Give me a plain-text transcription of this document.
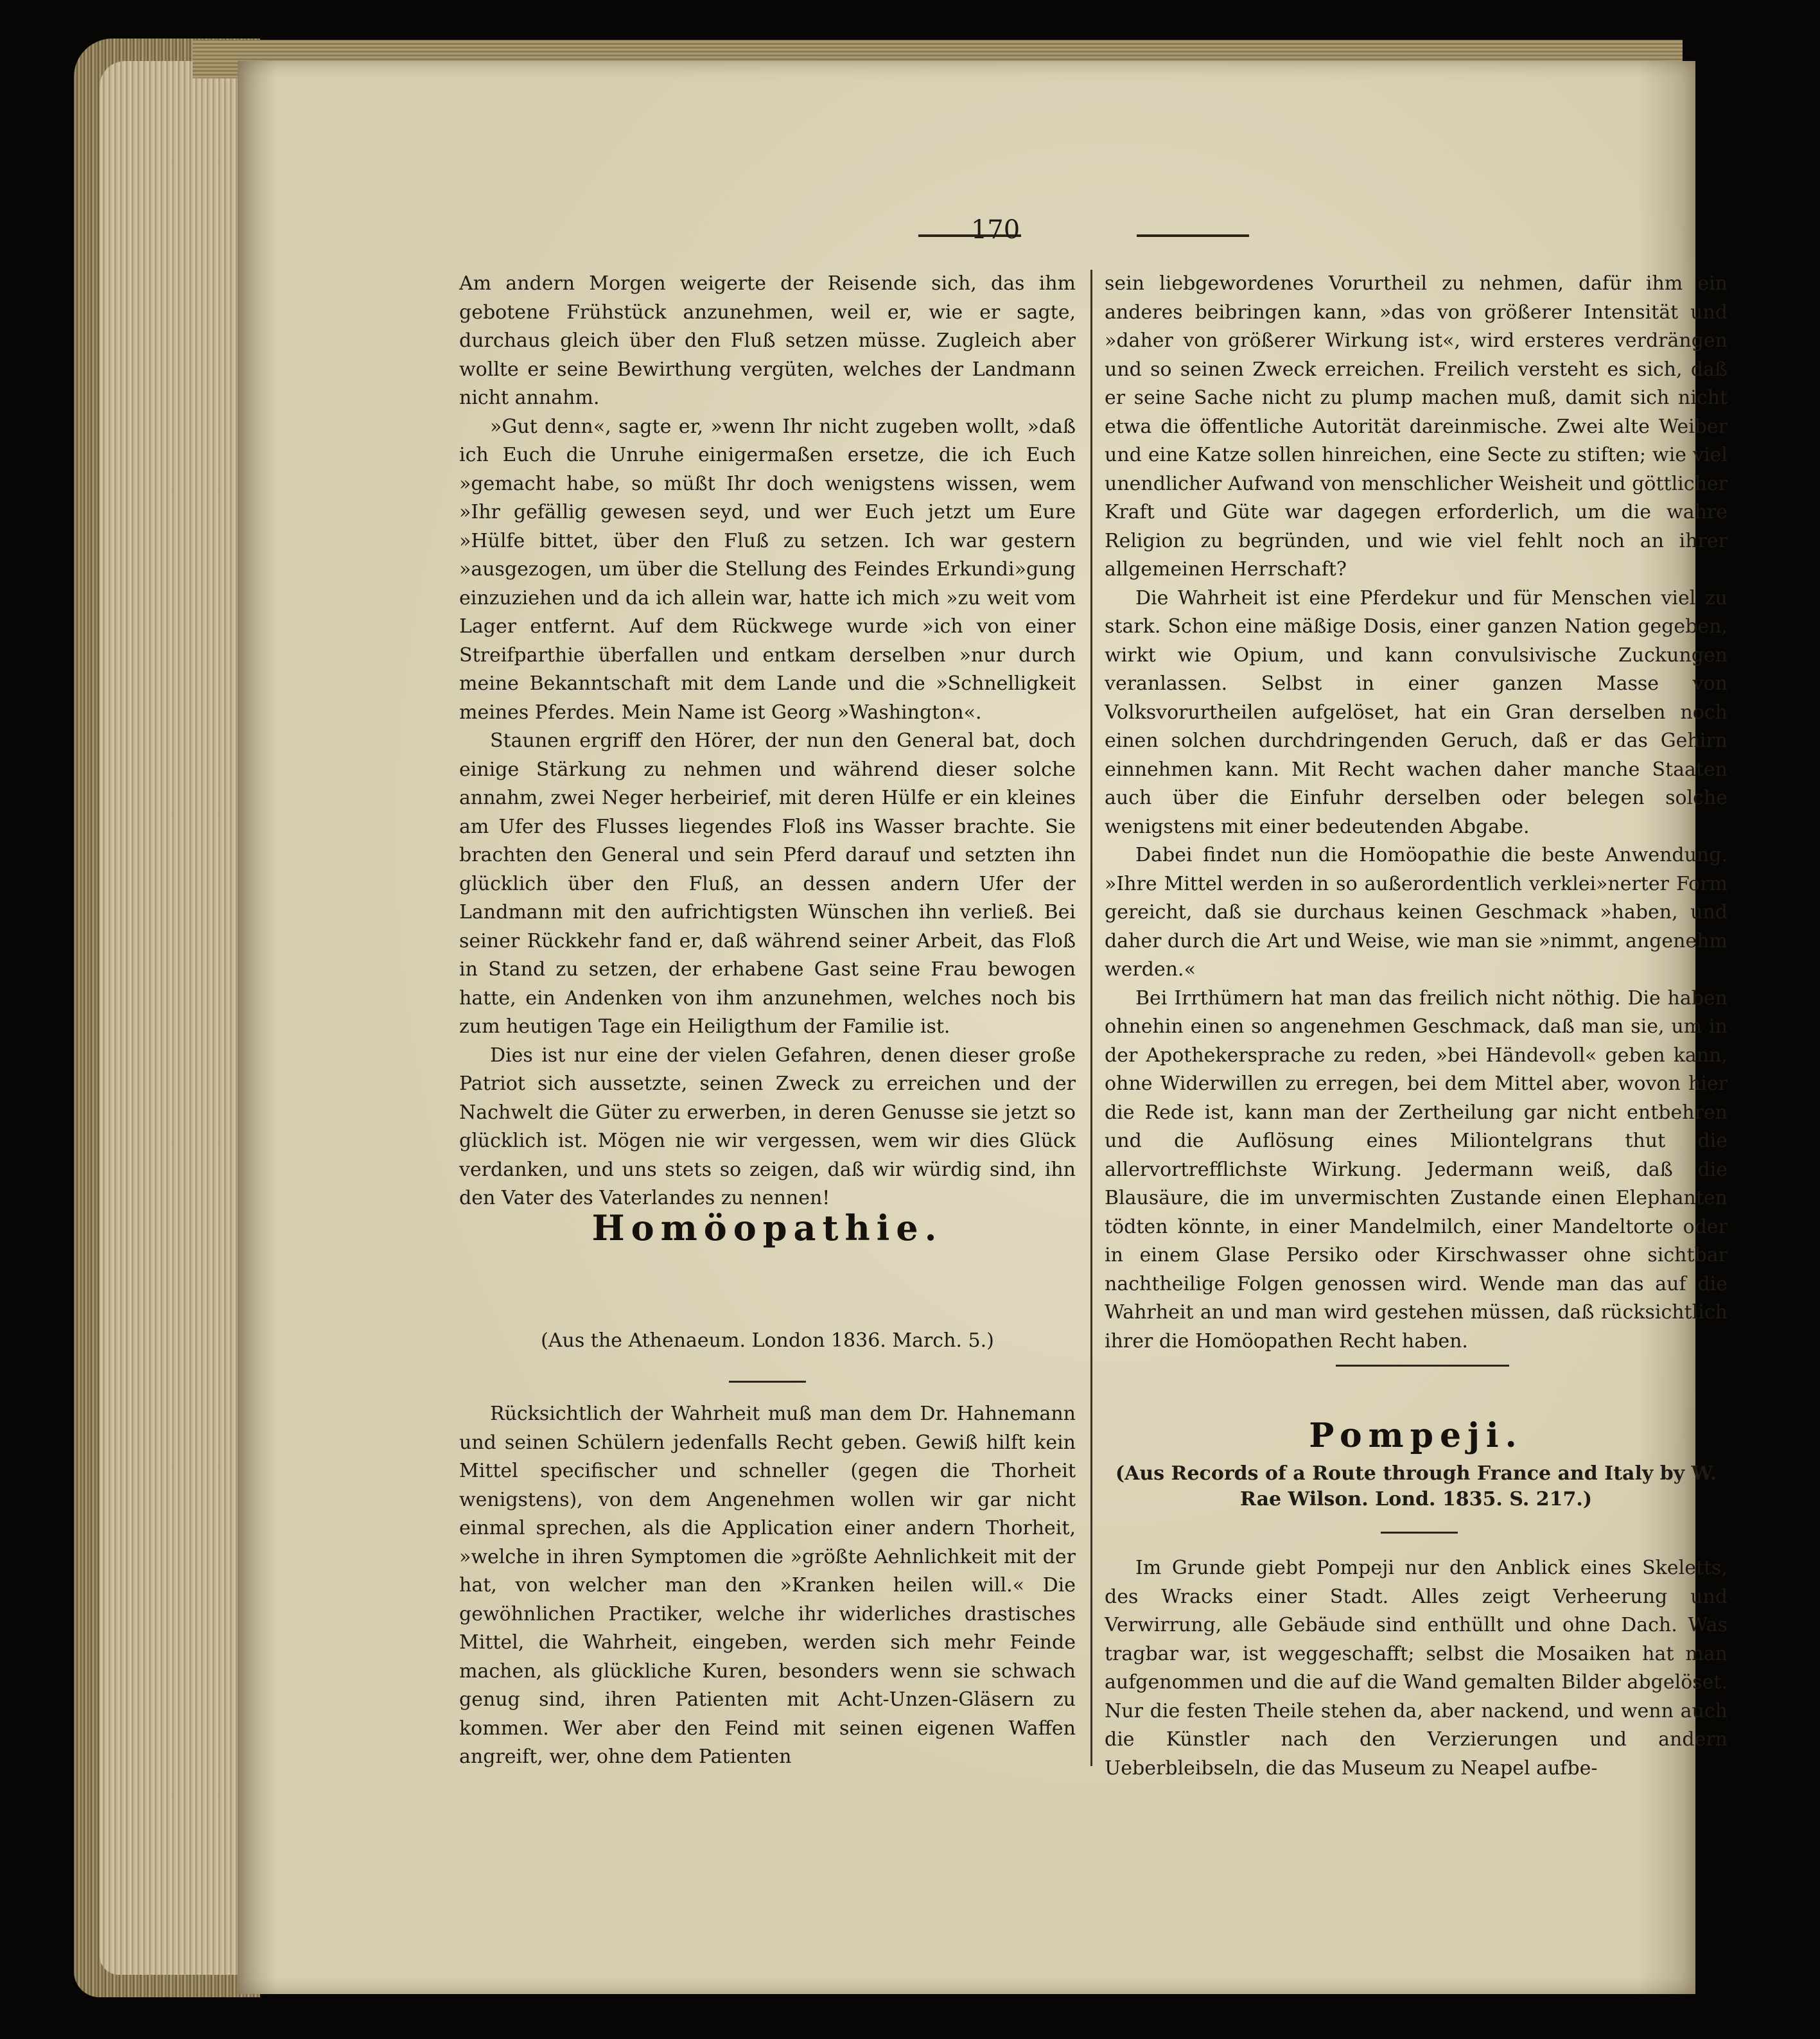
170

Am andern Morgen weigerte der Reisende sich, das ihm gebotene Frühstück anzunehmen, weil er, wie er sagte, durchaus gleich über den Fluß setzen müsse. Zugleich aber wollte er seine Bewirthung vergüten, welches der Landmann nicht annahm.

»Gut denn«, sagte er, »wenn Ihr nicht zugeben wollt, »daß ich Euch die Unruhe einigermaßen ersetze, die ich Euch »gemacht habe, so müßt Ihr doch wenigstens wissen, wem »Ihr gefällig gewesen seyd, und wer Euch jetzt um Eure »Hülfe bittet, über den Fluß zu setzen. Ich war gestern »ausgezogen, um über die Stellung des Feindes Erkundi»gung einzuziehen und da ich allein war, hatte ich mich »zu weit vom Lager entfernt. Auf dem Rückwege wurde »ich von einer Streifparthie überfallen und entkam derselben »nur durch meine Bekanntschaft mit dem Lande und die »Schnelligkeit meines Pferdes. Mein Name ist Georg »Washington«.

Staunen ergriff den Hörer, der nun den General bat, doch einige Stärkung zu nehmen und während dieser solche annahm, zwei Neger herbeirief, mit deren Hülfe er ein kleines am Ufer des Flusses liegendes Floß ins Wasser brachte. Sie brachten den General und sein Pferd darauf und setzten ihn glücklich über den Fluß, an dessen andern Ufer der Landmann mit den aufrichtigsten Wünschen ihn verließ. Bei seiner Rückkehr fand er, daß während seiner Arbeit, das Floß in Stand zu setzen, der erhabene Gast seine Frau bewogen hatte, ein Andenken von ihm anzunehmen, welches noch bis zum heutigen Tage ein Heiligthum der Familie ist.

Dies ist nur eine der vielen Gefahren, denen dieser große Patriot sich aussetzte, seinen Zweck zu erreichen und der Nachwelt die Güter zu erwerben, in deren Genusse sie jetzt so glücklich ist. Mögen nie wir vergessen, wem wir dies Glück verdanken, und uns stets so zeigen, daß wir würdig sind, ihn den Vater des Vaterlandes zu nennen!

Homöopathie.
(Aus the Athenaeum. London 1836. March. 5.)

Rücksichtlich der Wahrheit muß man dem Dr. Hahnemann und seinen Schülern jedenfalls Recht geben. Gewiß hilft kein Mittel specifischer und schneller (gegen die Thorheit wenigstens), von dem Angenehmen wollen wir gar nicht einmal sprechen, als die Application einer andern Thorheit, »welche in ihren Symptomen die »größte Aehnlichkeit mit der hat, von welcher man den »Kranken heilen will.« Die gewöhnlichen Practiker, welche ihr widerliches drastisches Mittel, die Wahrheit, eingeben, werden sich mehr Feinde machen, als glückliche Kuren, besonders wenn sie schwach genug sind, ihren Patienten mit Acht-Unzen-Gläsern zu kommen. Wer aber den Feind mit seinen eigenen Waffen angreift, wer, ohne dem Patienten

sein liebgewordenes Vorurtheil zu nehmen, dafür ihm ein anderes beibringen kann, »das von größerer Intensität und »daher von größerer Wirkung ist«, wird ersteres verdrängen und so seinen Zweck erreichen. Freilich versteht es sich, daß er seine Sache nicht zu plump machen muß, damit sich nicht etwa die öffentliche Autorität dareinmische. Zwei alte Weiber und eine Katze sollen hinreichen, eine Secte zu stiften; wie viel unendlicher Aufwand von menschlicher Weisheit und göttlicher Kraft und Güte war dagegen erforderlich, um die wahre Religion zu begründen, und wie viel fehlt noch an ihrer allgemeinen Herrschaft?

Die Wahrheit ist eine Pferdekur und für Menschen viel zu stark. Schon eine mäßige Dosis, einer ganzen Nation gegeben, wirkt wie Opium, und kann convulsivische Zuckungen veranlassen. Selbst in einer ganzen Masse von Volksvorurtheilen aufgelöset, hat ein Gran derselben noch einen solchen durchdringenden Geruch, daß er das Gehirn einnehmen kann. Mit Recht wachen daher manche Staaten auch über die Einfuhr derselben oder belegen solche wenigstens mit einer bedeutenden Abgabe.

Dabei findet nun die Homöopathie die beste Anwendung. »Ihre Mittel werden in so außerordentlich verklei»nerter Form gereicht, daß sie durchaus keinen Geschmack »haben, und daher durch die Art und Weise, wie man sie »nimmt, angenehm werden.«

Bei Irrthümern hat man das freilich nicht nöthig. Die haben ohnehin einen so angenehmen Geschmack, daß man sie, um in der Apothekersprache zu reden, »bei Händevoll« geben kann, ohne Widerwillen zu erregen, bei dem Mittel aber, wovon hier die Rede ist, kann man der Zertheilung gar nicht entbehren und die Auflösung eines Miliontelgrans thut die allervortrefflichste Wirkung. Jedermann weiß, daß die Blausäure, die im unvermischten Zustande einen Elephanten tödten könnte, in einer Mandelmilch, einer Mandeltorte oder in einem Glase Persiko oder Kirschwasser ohne sichtbar nachtheilige Folgen genossen wird. Wende man das auf die Wahrheit an und man wird gestehen müssen, daß rücksichtlich ihrer die Homöopathen Recht haben.

Pompeji.
(Aus Records of a Route through France and Italy by W. Rae Wilson. Lond. 1835. S. 217.)

Im Grunde giebt Pompeji nur den Anblick eines Skeletts, des Wracks einer Stadt. Alles zeigt Verheerung und Verwirrung, alle Gebäude sind enthüllt und ohne Dach. Was tragbar war, ist weggeschafft; selbst die Mosaiken hat man aufgenommen und die auf die Wand gemalten Bilder abgelöset. Nur die festen Theile stehen da, aber nackend, und wenn auch die Künstler nach den Verzierungen und andern Ueberbleibseln, die das Museum zu Neapel aufbe-
